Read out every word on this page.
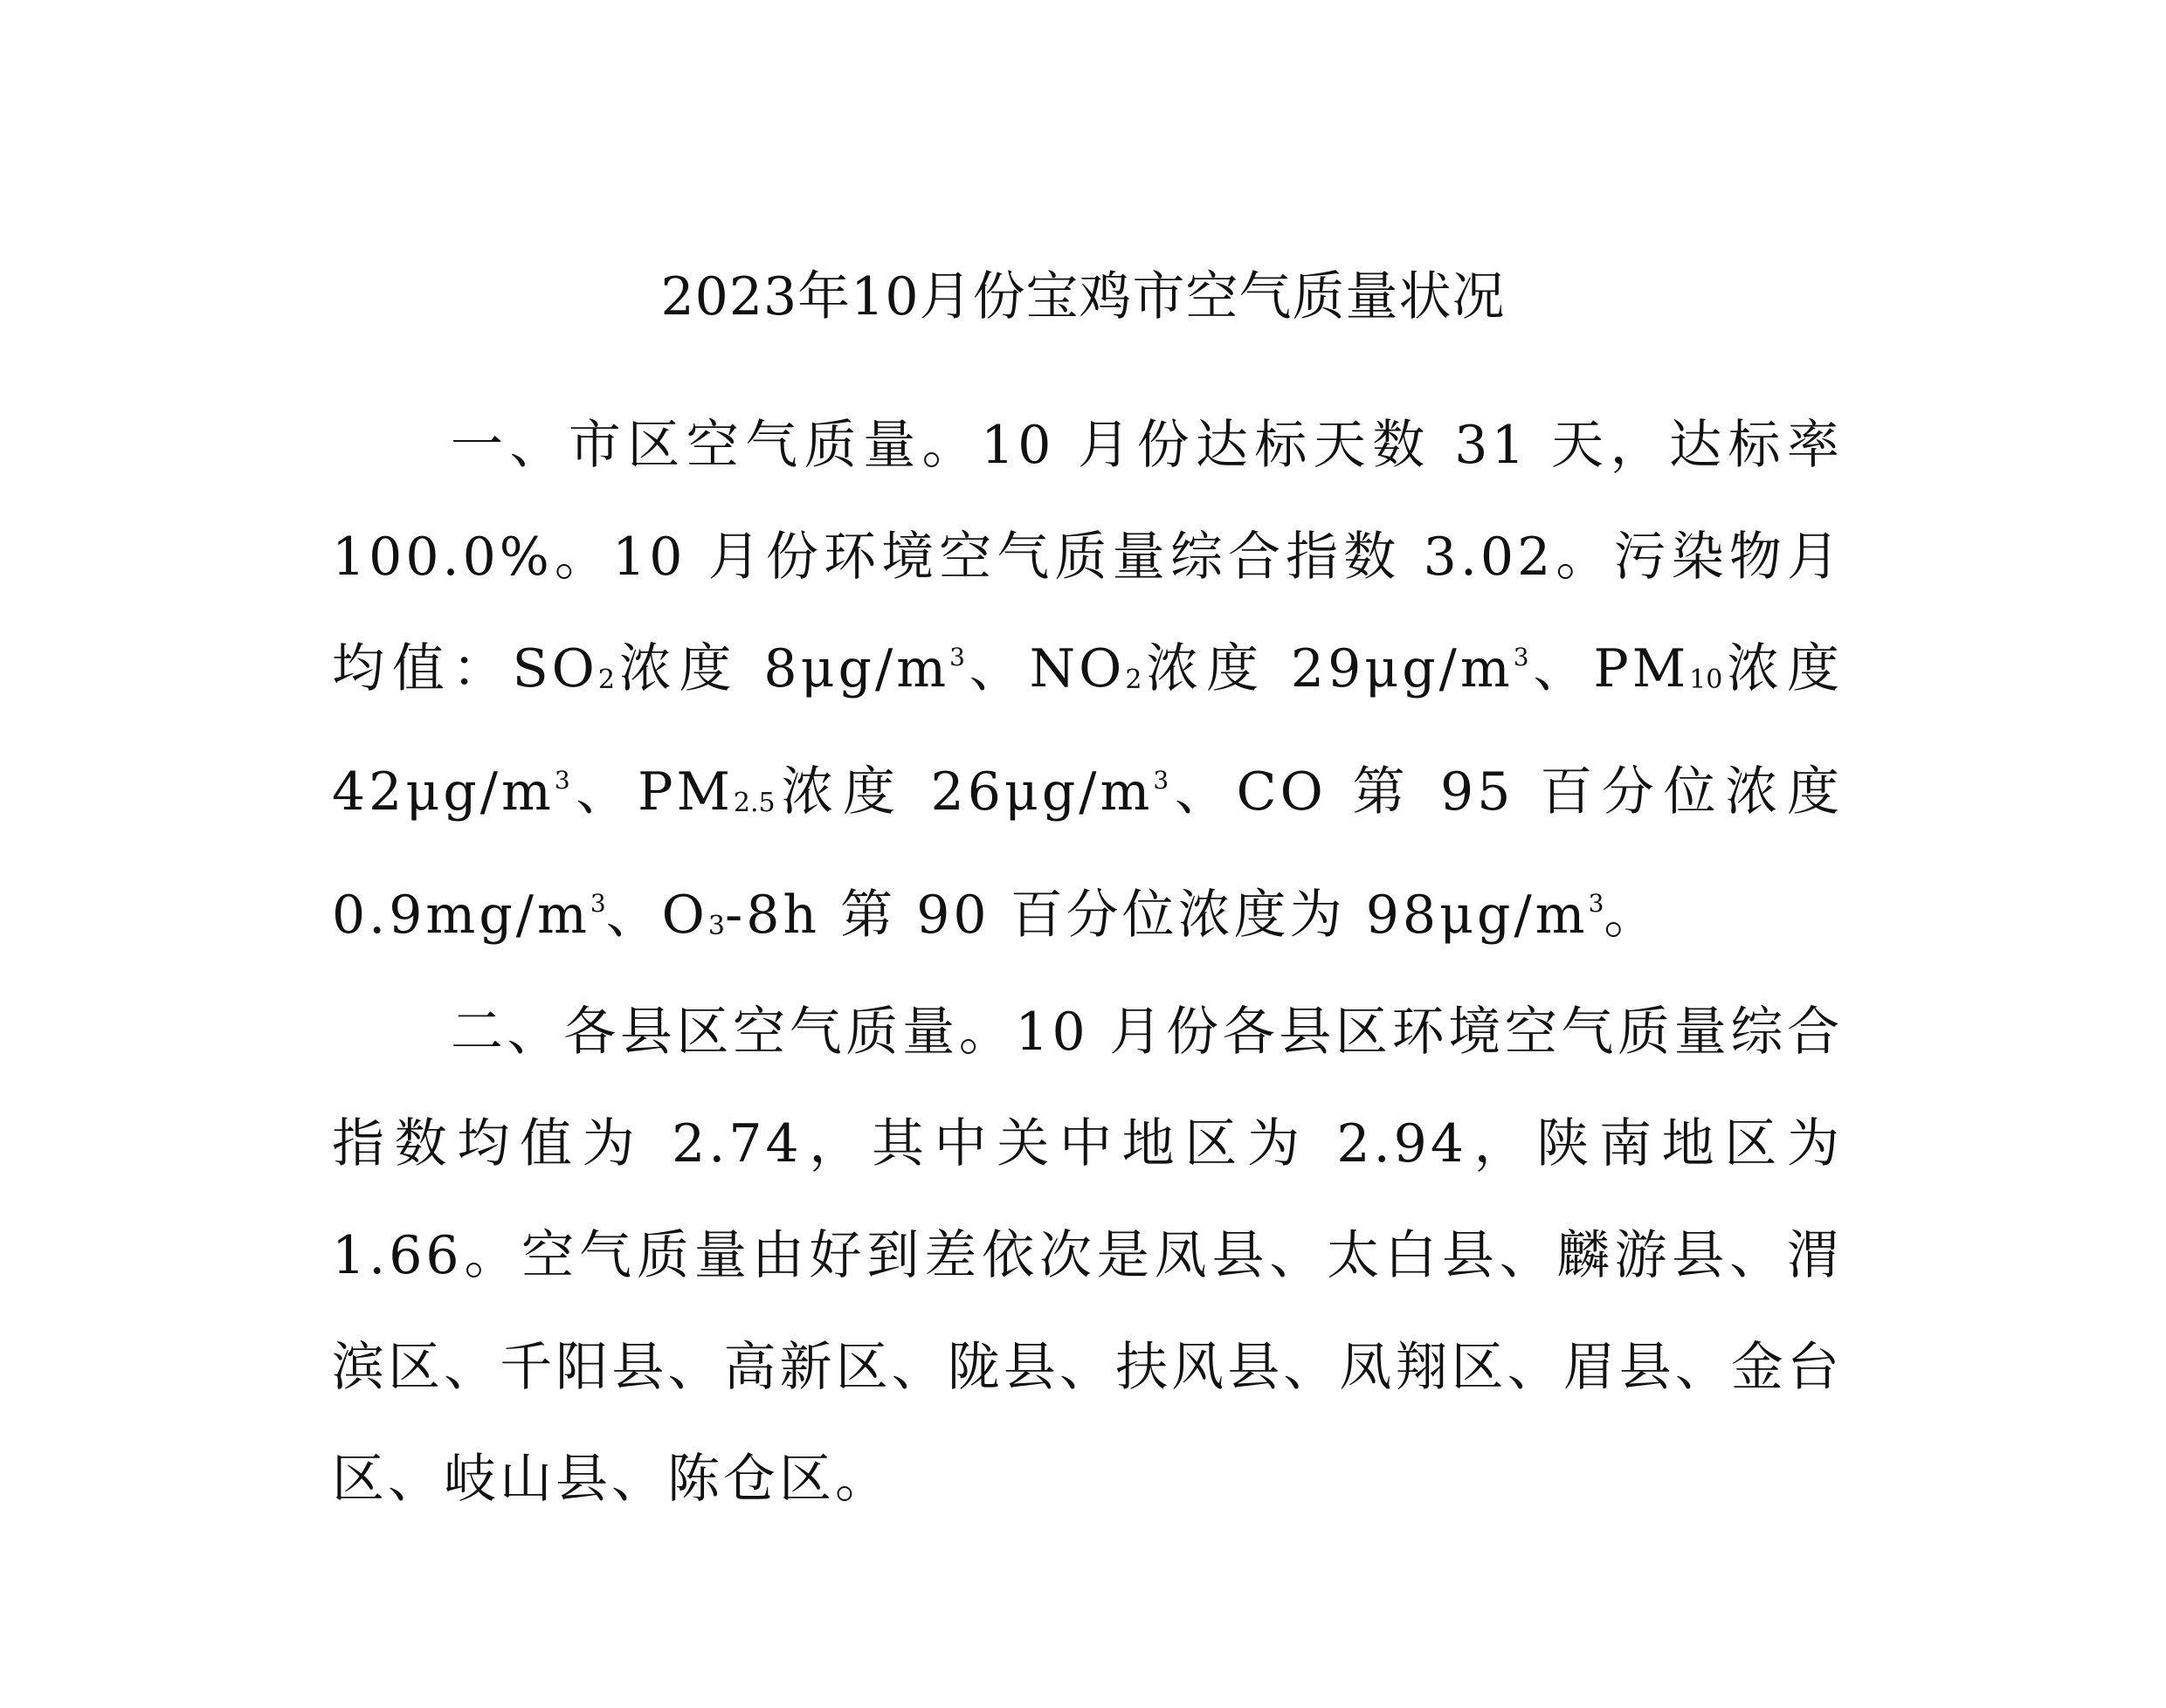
2023年10月份宝鸡市空气质量状况

一、市区空气质量。10 月份达标天数 31 天，达标率 100.0%。10 月份环境空气质量综合指数 3.02。污染物月均值：$SO_2$浓度 $8\mu g/m^3$、$NO_2$浓度 $29\mu g/m^3$、$PM_{10}$浓度 $42\mu g/m^3$、$PM_{2.5}$浓度 $26\mu g/m^3$、CO 第 95 百分位浓度 $0.9mg/m^3$、$O_3-8h$ 第 90 百分位浓度为 $98\mu g/m^3$。

二、各县区空气质量。10 月份各县区环境空气质量综合指数均值为 2.74，其中关中地区为 2.94，陕南地区为 1.66。空气质量由好到差依次是凤县、太白县、麟游县、渭滨区、千阳县、高新区、陇县、扶风县、凤翔区、眉县、金台区、岐山县、陈仓区。
